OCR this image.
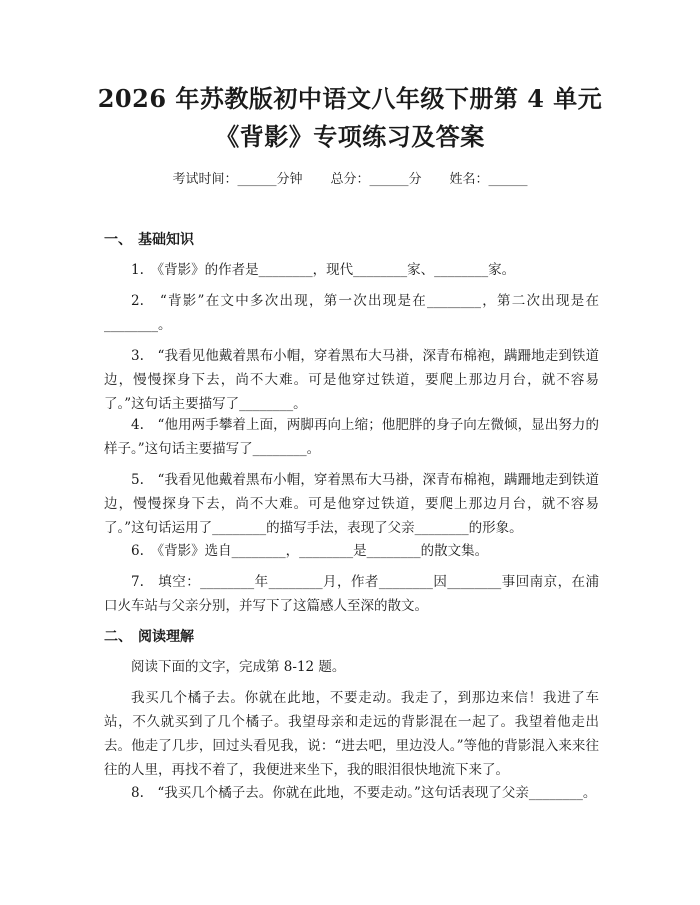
2026 年苏教版初中语文八年级下册第 4 单元
《背影》专项练习及答案
考试时间：______分钟 总分：______分 姓名：______
一、 基础知识

1.　《背影》的作者是________，现代________家、________家。

2.　“背影”在文中多次出现，第一次出现是在________，第二次出现是在________。

3.　“我看见他戴着黑布小帽，穿着黑布大马褂，深青布棉袍，蹒跚地走到铁道边，慢慢探身下去，尚不大难。可是他穿过铁道，要爬上那边月台，就不容易了。”这句话主要描写了________。

4.　“他用两手攀着上面，两脚再向上缩；他肥胖的身子向左微倾，显出努力的样子。”这句话主要描写了________。

5.　“我看见他戴着黑布小帽，穿着黑布大马褂，深青布棉袍，蹒跚地走到铁道边，慢慢探身下去，尚不大难。可是他穿过铁道，要爬上那边月台，就不容易了。”这句话运用了________的描写手法，表现了父亲________的形象。

6.　《背影》选自________，________是________的散文集。

7.　填空：________年________月，作者________因________事回南京，在浦口火车站与父亲分别，并写下了这篇感人至深的散文。

二、 阅读理解

阅读下面的文字，完成第 8-12 题。

我买几个橘子去。你就在此地，不要走动。我走了，到那边来信！我进了车站，不久就买到了几个橘子。我望母亲和走远的背影混在一起了。我望着他走出去。他走了几步，回过头看见我，说：“进去吧，里边没人。”等他的背影混入来来往往的人里，再找不着了，我便进来坐下，我的眼泪很快地流下来了。

8.　“我买几个橘子去。你就在此地，不要走动。”这句话表现了父亲________。
